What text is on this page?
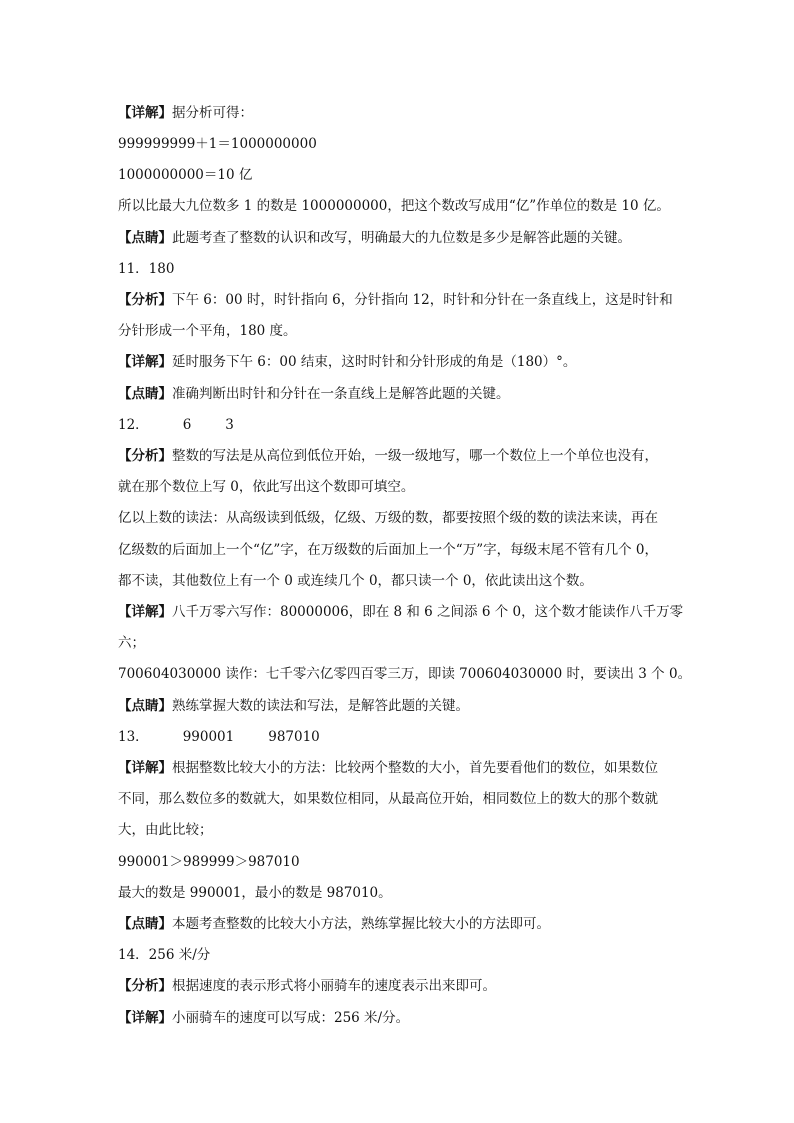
【详解】据分析可得：
999999999＋1＝1000000000
1000000000＝10 亿
所以比最大九位数多 1 的数是 1000000000，把这个数改写成用“亿”作单位的数是 10 亿。
【点睛】此题考查了整数的认识和改写，明确最大的九位数是多少是解答此题的关键。
11．180
【分析】下午 6：00 时，时针指向 6，分针指向 12，时针和分针在一条直线上，这是时针和
分针形成一个平角，180 度。
【详解】延时服务下午 6：00 结束，这时时针和分针形成的角是（180）°。
【点睛】准确判断出时针和分针在一条直线上是解答此题的关键。
12．	6	3
【分析】整数的写法是从高位到低位开始，一级一级地写，哪一个数位上一个单位也没有，
就在那个数位上写 0，依此写出这个数即可填空。
亿以上数的读法：从高级读到低级，亿级、万级的数，都要按照个级的数的读法来读，再在
亿级数的后面加上一个“亿”字，在万级数的后面加上一个“万”字，每级末尾不管有几个 0，
都不读，其他数位上有一个 0 或连续几个 0，都只读一个 0，依此读出这个数。
【详解】八千万零六写作：80000006，即在 8 和 6 之间添 6 个 0，这个数才能读作八千万零
六；
700604030000 读作：七千零六亿零四百零三万，即读 700604030000 时，要读出 3 个 0。
【点睛】熟练掌握大数的读法和写法，是解答此题的关键。
13．	990001	987010
【详解】根据整数比较大小的方法：比较两个整数的大小，首先要看他们的数位，如果数位
不同，那么数位多的数就大，如果数位相同，从最高位开始，相同数位上的数大的那个数就
大，由此比较；
990001＞989999＞987010
最大的数是 990001，最小的数是 987010。
【点睛】本题考查整数的比较大小方法，熟练掌握比较大小的方法即可。
14．256 米/分
【分析】根据速度的表示形式将小丽骑车的速度表示出来即可。
【详解】小丽骑车的速度可以写成：256 米/分。
